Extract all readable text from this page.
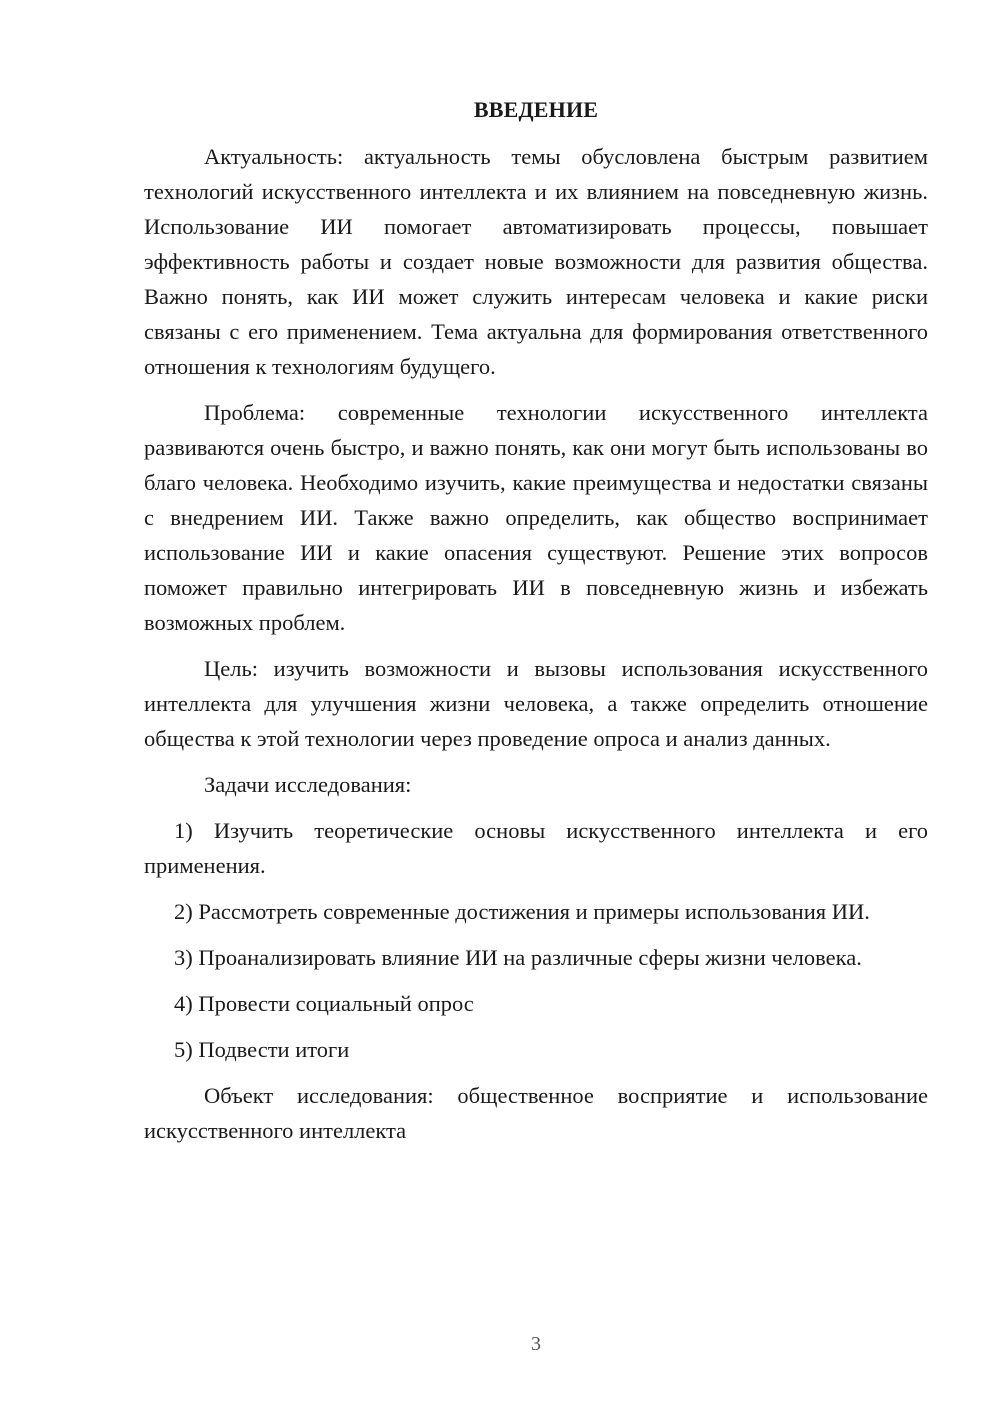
ВВЕДЕНИЕ

Актуальность: актуальность темы обусловлена быстрым развитием технологий искусственного интеллекта и их влиянием на повседневную жизнь. Использование ИИ помогает автоматизировать процессы, повышает эффективность работы и создает новые возможности для развития общества. Важно понять, как ИИ может служить интересам человека и какие риски связаны с его применением. Тема актуальна для формирования ответственного отношения к технологиям будущего.

Проблема: современные технологии искусственного интеллекта развиваются очень быстро, и важно понять, как они могут быть использованы во благо человека. Необходимо изучить, какие преимущества и недостатки связаны с внедрением ИИ. Также важно определить, как общество воспринимает использование ИИ и какие опасения существуют. Решение этих вопросов поможет правильно интегрировать ИИ в повседневную жизнь и избежать возможных проблем.

Цель: изучить возможности и вызовы использования искусственного интеллекта для улучшения жизни человека, а также определить отношение общества к этой технологии через проведение опроса и анализ данных.

Задачи исследования:

1) Изучить теоретические основы искусственного интеллекта и его применения.

2) Рассмотреть современные достижения и примеры использования ИИ.

3) Проанализировать влияние ИИ на различные сферы жизни человека.

4) Провести социальный опрос

5) Подвести итоги

Объект исследования: общественное восприятие и использование искусственного интеллекта

3
